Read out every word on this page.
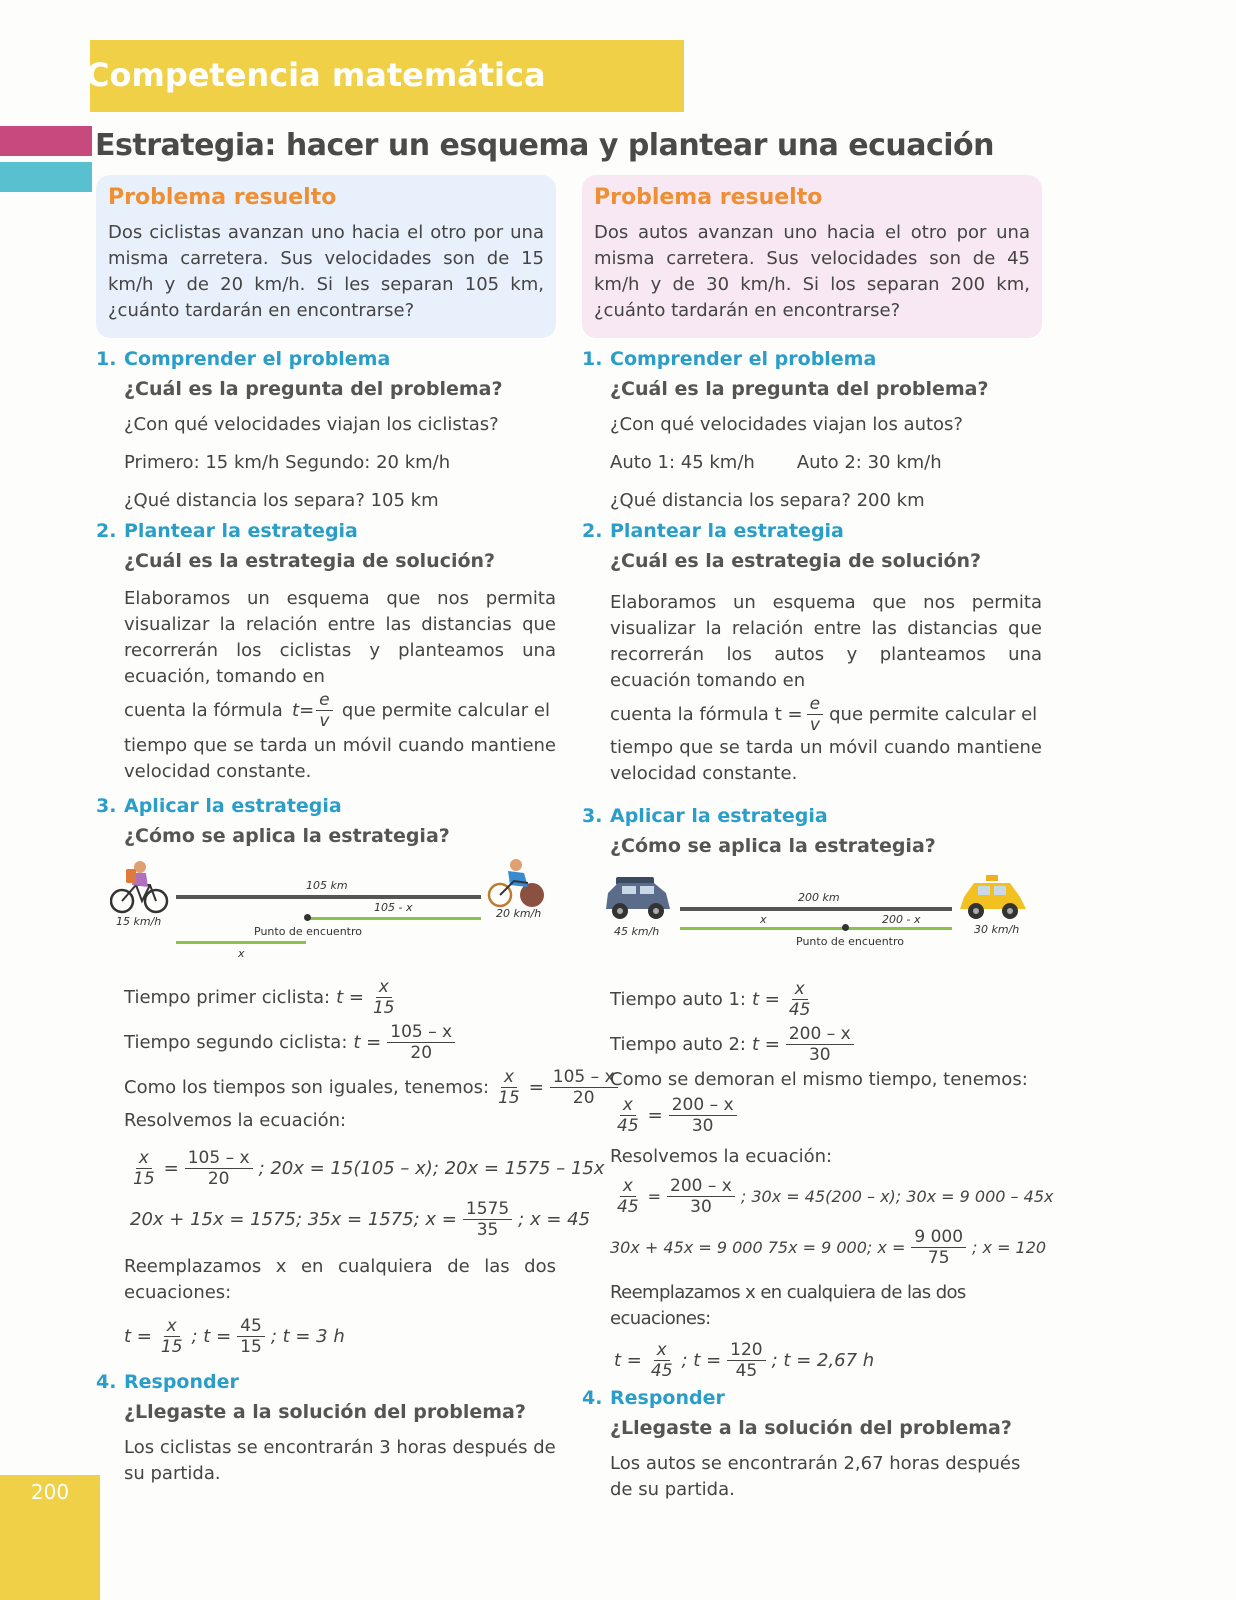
Competencia matemática
Estrategia: hacer un esquema y plantear una ecuación
200
Problema resuelto
Dos ciclistas avanzan uno hacia el otro por una misma carretera. Sus velocidades son de 15 km/h y de 20 km/h. Si les separan 105 km, ¿cuánto tardarán en encontrarse?
1. Comprender el problema
¿Cuál es la pregunta del problema?
¿Con qué velocidades viajan los ciclistas?
Primero: 15 km/h Segundo: 20 km/h
¿Qué distancia los separa? 105 km
2. Plantear la estrategia
¿Cuál es la estrategia de solución?
Elaboramos un esquema que nos permita visualizar la relación entre las distancias que recorrerán los ciclistas y planteamos una ecuación, tomando en
cuenta la fórmula $t= \frac{e}{v}$ que permite calcular el
tiempo que se tarda un móvil cuando mantiene velocidad constante.
3. Aplicar la estrategia
¿Cómo se aplica la estrategia?
15 km/h
105 km
105 - x
Punto de encuentro
x
20 km/h
Tiempo primer ciclista: $t = \frac{x}{15}$
Tiempo segundo ciclista: $t = \frac{105 - x}{20}$
Como los tiempos son iguales, tenemos: $\frac{x}{15} = \frac{105 - x}{20}$
Resolvemos la ecuación:
$\frac{x}{15} = \frac{105 - x}{20}$ ; 20x = 15(105 – x); 20x = 1575 – 15x
20x + 15x = 1575; 35x = 1575; $x = \frac{1575}{35}$ ; x = 45
Reemplazamos x en cualquiera de las dos ecuaciones:
$t = \frac{x}{15}$ ; $t = \frac{45}{15}$ ; t = 3 h
4. Responder
¿Llegaste a la solución del problema?
Los ciclistas se encontrarán 3 horas después de su partida.
Problema resuelto
Dos autos avanzan uno hacia el otro por una misma carretera. Sus velocidades son de 45 km/h y de 30 km/h. Si los separan 200 km, ¿cuánto tardarán en encontrarse?
1. Comprender el problema
¿Cuál es la pregunta del problema?
¿Con qué velocidades viajan los autos?
Auto 1: 45 km/h Auto 2: 30 km/h
¿Qué distancia los separa? 200 km
2. Plantear la estrategia
¿Cuál es la estrategia de solución?
Elaboramos un esquema que nos permita visualizar la relación entre las distancias que recorrerán los autos y planteamos una ecuación tomando en
cuenta la fórmula $t = \frac{e}{v}$ que permite calcular el
tiempo que se tarda un móvil cuando mantiene velocidad constante.
3. Aplicar la estrategia
¿Cómo se aplica la estrategia?
45 km/h
200 km
x	200 - x
Punto de encuentro
30 km/h
Tiempo auto 1: $t = \frac{x}{45}$
Tiempo auto 2: $t = \frac{200 - x}{30}$
Como se demoran el mismo tiempo, tenemos:
$\frac{x}{45} = \frac{200 - x}{30}$
Resolvemos la ecuación:
$\frac{x}{45} = \frac{200 - x}{30}$ ; 30x = 45(200 – x); 30x = 9 000 – 45x
30x + 45x = 9 000 75x = 9 000; $x = \frac{9 000}{75}$ ; x = 120
Reemplazamos x en cualquiera de las dos ecuaciones:
$t = \frac{x}{45}$ ; $t = \frac{120}{45}$ ; t = 2,67 h
4. Responder
¿Llegaste a la solución del problema?
Los autos se encontrarán 2,67 horas después de su partida.
